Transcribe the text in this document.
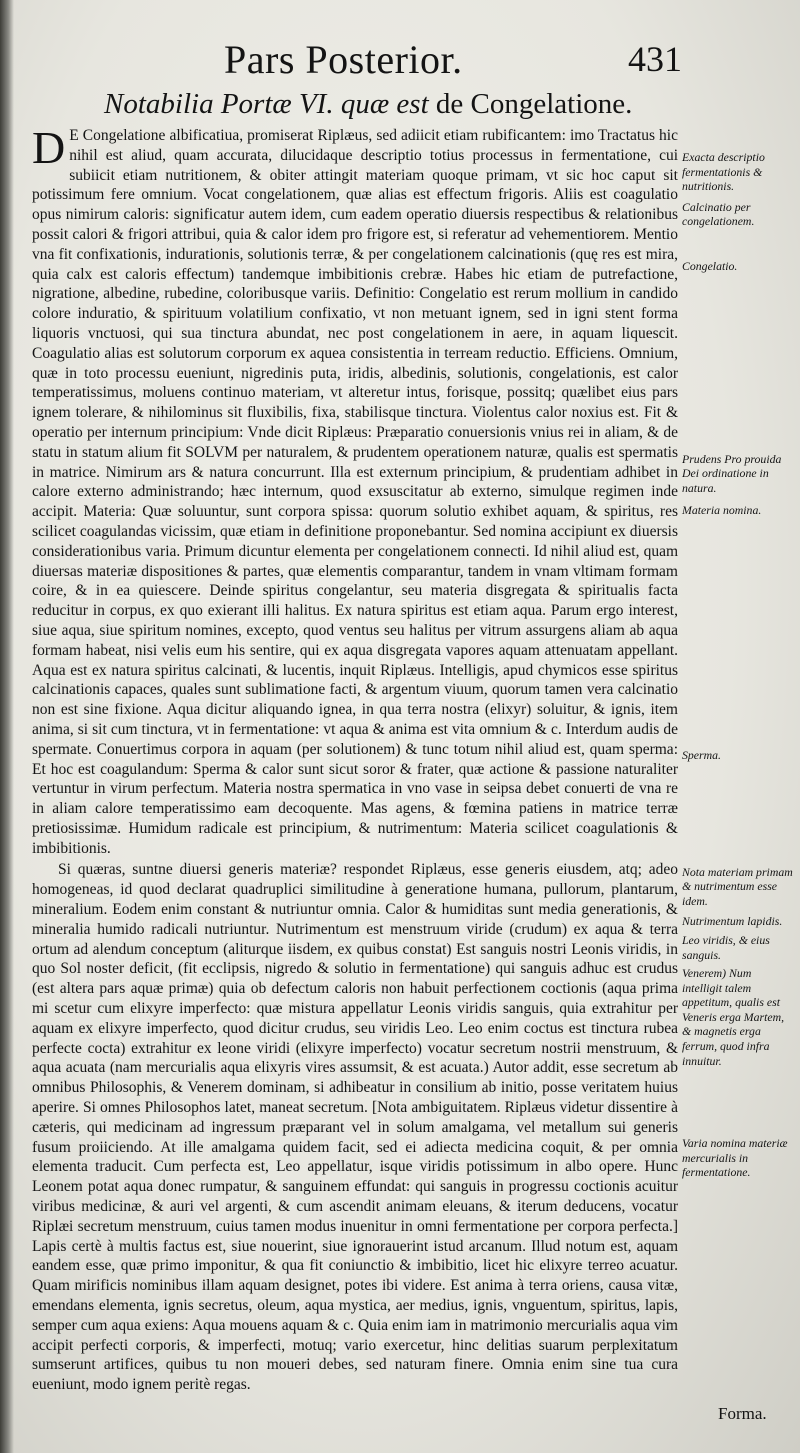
Pars Posterior.	431
Notabilia Portæ VI. quæ est de Congelatione.

D E Congelatione albificatiua, promiserat Riplæus, sed adiicit etiam rubificantem: imo Tractatus hic nihil est aliud, quam accurata, dilucidaque descriptio totius processus in fermentatione, cui subiicit etiam nutritionem, & obiter attingit materiam quoque primam, vt sic hoc caput sit potissimum fere omnium. Vocat congelationem, quæ alias est effectum frigoris. Aliis est coagulatio opus nimirum caloris: significatur autem idem, cum eadem operatio diuersis respectibus & relationibus possit calori & frigori attribui, quia & calor idem pro frigore est, si referatur ad vehementiorem. Mentio vna fit confixationis, indurationis, solutionis terræ, & per congelationem calcinationis (quę res est mira, quia calx est caloris effectum) tandemque imbibitionis crebræ. Habes hic etiam de putrefactione, nigratione, albedine, rubedine, coloribusque variis. Definitio: Congelatio est rerum mollium in candido colore induratio, & spirituum volatilium confixatio, vt non metuant ignem, sed in igni stent forma liquoris vnctuosi, qui sua tinctura abundat, nec post congelationem in aere, in aquam liquescit. Coagulatio alias est solutorum corporum ex aquea consistentia in terream reductio. Efficiens. Omnium, quæ in toto processu eueniunt, nigredinis puta, iridis, albedinis, solutionis, congelationis, est calor temperatissimus, moluens continuo materiam, vt alteretur intus, forisque, possitq; quælibet eius pars ignem tolerare, & nihilominus sit fluxibilis, fixa, stabilisque tinctura. Violentus calor noxius est. Fit & operatio per internum principium: Vnde dicit Riplæus: Præparatio conuersionis vnius rei in aliam, & de statu in statum alium fit SOLVM per naturalem, & prudentem operationem naturæ, qualis est spermatis in matrice. Nimirum ars & natura concurrunt. Illa est externum principium, & prudentiam adhibet in calore externo administrando; hæc internum, quod exsuscitatur ab externo, simulque regimen inde accipit. Materia: Quæ soluuntur, sunt corpora spissa: quorum solutio exhibet aquam, & spiritus, res scilicet coagulandas vicissim, quæ etiam in definitione proponebantur. Sed nomina accipiunt ex diuersis considerationibus varia. Primum dicuntur elementa per congelationem connecti. Id nihil aliud est, quam diuersas materiæ dispositiones & partes, quæ elementis comparantur, tandem in vnam vltimam formam coire, & in ea quiescere. Deinde spiritus congelantur, seu materia disgregata & spiritualis facta reducitur in corpus, ex quo exierant illi halitus. Ex natura spiritus est etiam aqua. Parum ergo interest, siue aqua, siue spiritum nomines, excepto, quod ventus seu halitus per vitrum assurgens aliam ab aqua formam habeat, nisi velis eum his sentire, qui ex aqua disgregata vapores aquam attenuatam appellant. Aqua est ex natura spiritus calcinati, & lucentis, inquit Riplæus. Intelligis, apud chymicos esse spiritus calcinationis capaces, quales sunt sublimatione facti, & argentum viuum, quorum tamen vera calcinatio non est sine fixione. Aqua dicitur aliquando ignea, in qua terra nostra (elixyr) soluitur, & ignis, item anima, si sit cum tinctura, vt in fermentatione: vt aqua & anima est vita omnium & c. Interdum audis de spermate. Conuertimus corpora in aquam (per solutionem) & tunc totum nihil aliud est, quam sperma: Et hoc est coagulandum: Sperma & calor sunt sicut soror & frater, quæ actione & passione naturaliter vertuntur in virum perfectum. Materia nostra spermatica in vno vase in seipsa debet conuerti de vna re in aliam calore temperatissimo eam decoquente. Mas agens, & fœmina patiens in matrice terræ pretiosissimæ. Humidum radicale est principium, & nutrimentum: Materia scilicet coagulationis & imbibitionis.

Si quæras, suntne diuersi generis materiæ? respondet Riplæus, esse generis eiusdem, atq; adeo homogeneas, id quod declarat quadruplici similitudine à generatione humana, pullorum, plantarum, mineralium. Eodem enim constant & nutriuntur omnia. Calor & humiditas sunt media generationis, & mineralia humido radicali nutriuntur. Nutrimentum est menstruum viride (crudum) ex aqua & terra ortum ad alendum conceptum (aliturque iisdem, ex quibus constat) Est sanguis nostri Leonis viridis, in quo Sol noster deficit, (fit ecclipsis, nigredo & solutio in fermentatione) qui sanguis adhuc est crudus (est altera pars aquæ primæ) quia ob defectum caloris non habuit perfectionem coctionis (aqua prima mi scetur cum elixyre imperfecto: quæ mistura appellatur Leonis viridis sanguis, quia extrahitur per aquam ex elixyre imperfecto, quod dicitur crudus, seu viridis Leo. Leo enim coctus est tinctura rubea perfecte cocta) extrahitur ex leone viridi (elixyre imperfecto) vocatur secretum nostrii menstruum, & aqua acuata (nam mercurialis aqua elixyris vires assumsit, & est acuata.) Autor addit, esse secretum ab omnibus Philosophis, & Venerem dominam, si adhibeatur in consilium ab initio, posse veritatem huius aperire. Si omnes Philosophos latet, maneat secretum. [Nota ambiguitatem. Riplæus videtur dissentire à cæteris, qui medicinam ad ingressum præparant vel in solum amalgama, vel metallum sui generis fusum proiiciendo. At ille amalgama quidem facit, sed ei adiecta medicina coquit, & per omnia elementa traducit. Cum perfecta est, Leo appellatur, isque viridis potissimum in albo opere. Hunc Leonem potat aqua donec rumpatur, & sanguinem effundat: qui sanguis in progressu coctionis acuitur viribus medicinæ, & auri vel argenti, & cum ascendit animam eleuans, & iterum deducens, vocatur Riplæi secretum menstruum, cuius tamen modus inuenitur in omni fermentatione per corpora perfecta.] Lapis certè à multis factus est, siue nouerint, siue ignorauerint istud arcanum. Illud notum est, aquam eandem esse, quæ primo imponitur, & qua fit coniunctio & imbibitio, licet hic elixyre terreo acuatur. Quam mirificis nominibus illam aquam designet, potes ibi videre. Est anima à terra oriens, causa vitæ, emendans elementa, ignis secretus, oleum, aqua mystica, aer medius, ignis, vnguentum, spiritus, lapis, semper cum aqua exiens: Aqua mouens aquam & c. Quia enim iam in matrimonio mercurialis aqua vim accipit perfecti corporis, & imperfecti, motuq; vario exercetur, hinc delitias suarum perplexitatum sumserunt artifices, quibus tu non moueri debes, sed naturam finere. Omnia enim sine tua cura eueniunt, modo ignem peritè regas.

Exacta descriptio fermentationis & nutritionis.
Calcinatio per congelationem.
Congelatio.
Prudens Pro prouida Dei ordinatione in natura.
Materia nomina.
Sperma.
Nota materiam primam & nutrimentum esse idem.
Nutrimentum lapidis.
Leo viridis, & eius sanguis.
Venerem) Num intelligit talem appetitum, qualis est Veneris erga Martem, & magnetis erga ferrum, quod infra innuitur.
Varia nomina materiæ mercurialis in fermentatione.
Forma.
